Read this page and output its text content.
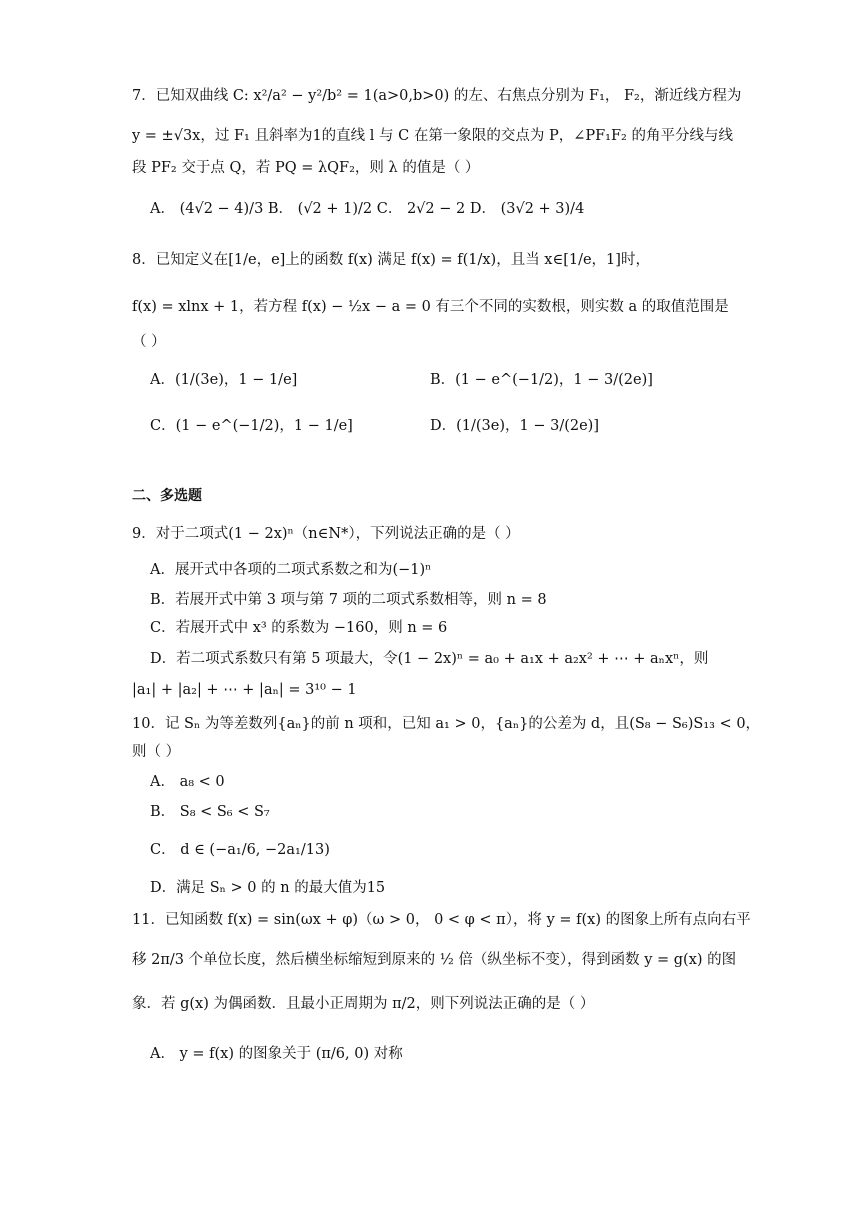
7．已知双曲线 C: x²/a² − y²/b² = 1(a>0,b>0) 的左、右焦点分别为 F₁， F₂，渐近线方程为
y = ±√3x，过 F₁ 且斜率为1的直线 l 与 C 在第一象限的交点为 P，∠PF₁F₂ 的角平分线与线
段 PF₂ 交于点 Q，若 PQ = λQF₂，则 λ 的值是（ ）
A． (4√2 − 4)/3 B． (√2 + 1)/2 C． 2√2 − 2 D． (3√2 + 3)/4
8．已知定义在[1/e，e]上的函数 f(x) 满足 f(x) = f(1/x)，且当 x∈[1/e，1]时，
f(x) = xlnx + 1，若方程 f(x) − ½x − a = 0 有三个不同的实数根，则实数 a 的取值范围是
（ ）
A．(1/(3e)，1 − 1/e]	B．(1 − e^(−1/2)，1 − 3/(2e)]
C．(1 − e^(−1/2)，1 − 1/e]	D．(1/(3e)，1 − 3/(2e)]
二、多选题
9．对于二项式(1 − 2x)ⁿ（n∈N*），下列说法正确的是（ ）
A．展开式中各项的二项式系数之和为(−1)ⁿ
B．若展开式中第 3 项与第 7 项的二项式系数相等，则 n = 8
C．若展开式中 x³ 的系数为 −160，则 n = 6
D．若二项式系数只有第 5 项最大，令(1 − 2x)ⁿ = a₀ + a₁x + a₂x² + ⋯ + aₙxⁿ，则
|a₁| + |a₂| + ⋯ + |aₙ| = 3¹⁰ − 1
10．记 Sₙ 为等差数列{aₙ}的前 n 项和，已知 a₁ > 0，{aₙ}的公差为 d，且(S₈ − S₆)S₁₃ < 0，
则（ ）
A． a₈ < 0
B． S₈ < S₆ < S₇
C． d ∈ (−a₁/6, −2a₁/13)
D．满足 Sₙ > 0 的 n 的最大值为15
11．已知函数 f(x) = sin(ωx + φ)（ω > 0， 0 < φ < π），将 y = f(x) 的图象上所有点向右平
移 2π/3 个单位长度，然后横坐标缩短到原来的 ½ 倍（纵坐标不变），得到函数 y = g(x) 的图
象．若 g(x) 为偶函数．且最小正周期为 π/2，则下列说法正确的是（ ）
A． y = f(x) 的图象关于 (π/6, 0) 对称
